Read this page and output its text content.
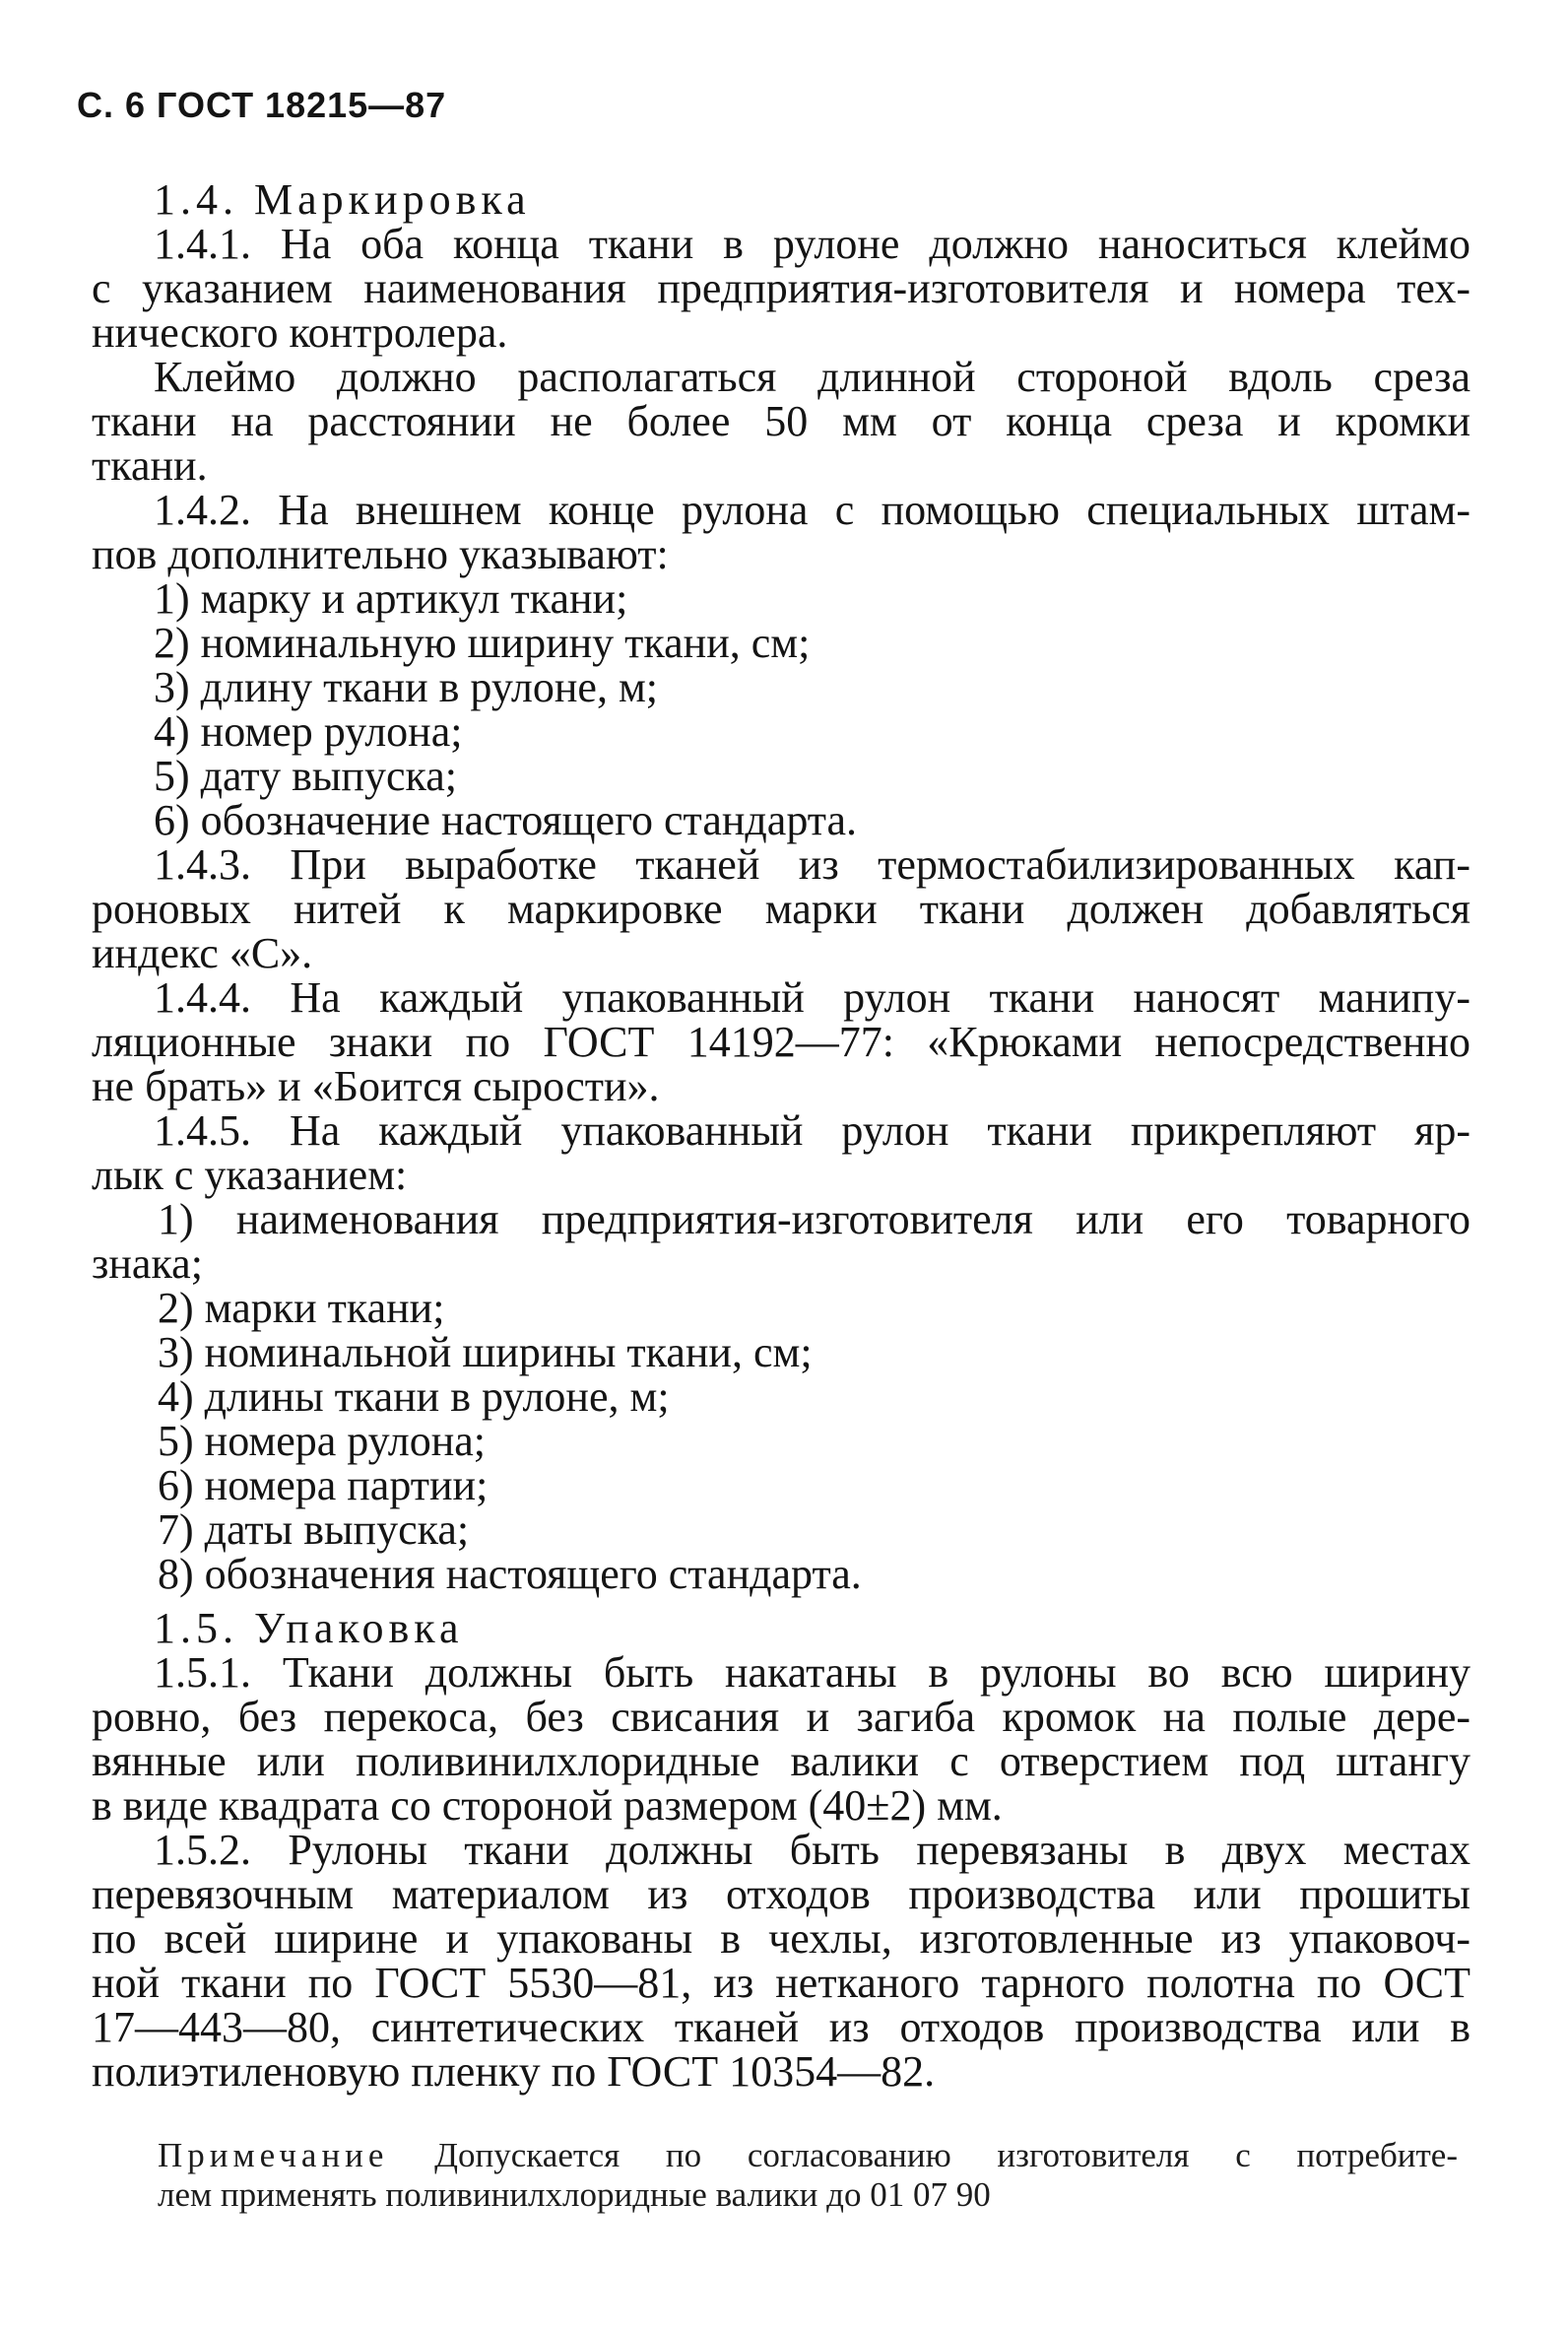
С. 6 ГОСТ 18215—87
1.4. Маркировка
1.4.1. На оба конца ткани в рулоне должно наноситься клеймо
с указанием наименования предприятия-изготовителя и номера тех-
нического контролера.
Клеймо должно располагаться длинной стороной вдоль среза
ткани на расстоянии не более 50 мм от конца среза и кромки
ткани.
1.4.2. На внешнем конце рулона с помощью специальных штам-
пов дополнительно указывают:
1) марку и артикул ткани;
2) номинальную ширину ткани, см;
3) длину ткани в рулоне, м;
4) номер рулона;
5) дату выпуска;
6) обозначение настоящего стандарта.
1.4.3. При выработке тканей из термостабилизированных кап-
роновых нитей к маркировке марки ткани должен добавляться
индекс «С».
1.4.4. На каждый упакованный рулон ткани наносят манипу-
ляционные знаки по ГОСТ 14192—77: «Крюками непосредственно
не брать» и «Боится сырости».
1.4.5. На каждый упакованный рулон ткани прикрепляют яр-
лык с указанием:
1) наименования предприятия-изготовителя или его товарного
знака;
2) марки ткани;
3) номинальной ширины ткани, см;
4) длины ткани в рулоне, м;
5) номера рулона;
6) номера партии;
7) даты выпуска;
8) обозначения настоящего стандарта.
1.5. Упаковка
1.5.1. Ткани должны быть накатаны в рулоны во всю ширину
ровно, без перекоса, без свисания и загиба кромок на полые дере-
вянные или поливинилхлоридные валики с отверстием под штангу
в виде квадрата со стороной размером (40±2) мм.
1.5.2. Рулоны ткани должны быть перевязаны в двух местах
перевязочным материалом из отходов производства или прошиты
по всей ширине и упакованы в чехлы, изготовленные из упаковоч-
ной ткани по ГОСТ 5530—81, из нетканого тарного полотна по ОСТ
17—443—80, синтетических тканей из отходов производства или в
полиэтиленовую пленку по ГОСТ 10354—82.
Примечание Допускается по согласованию изготовителя с потребите-
лем применять поливинилхлоридные валики до 01 07 90
